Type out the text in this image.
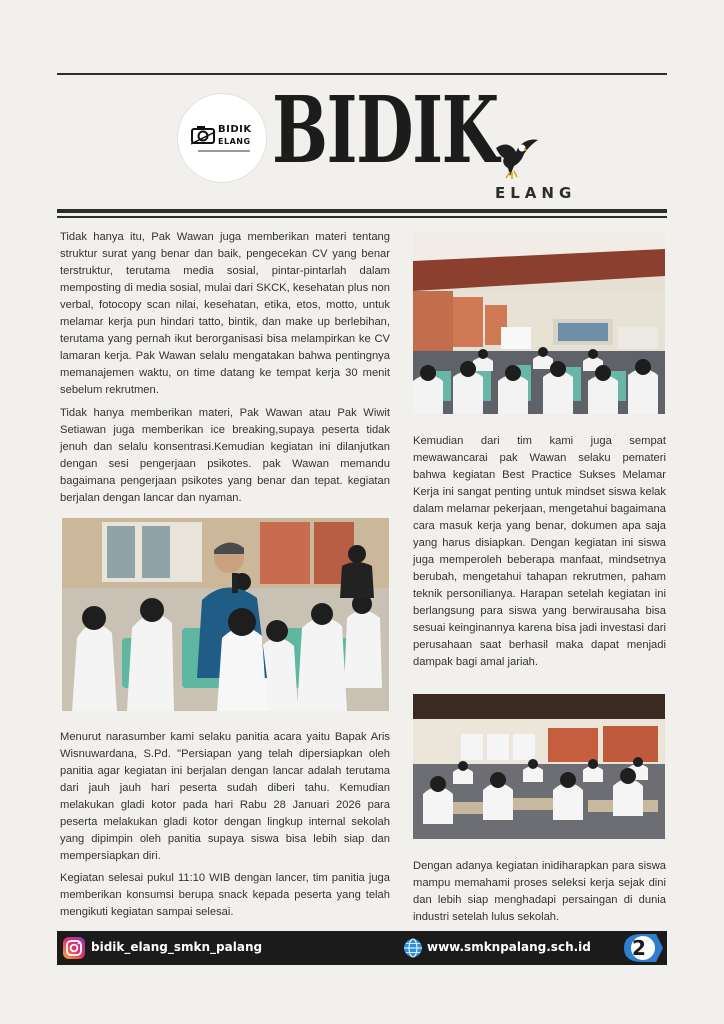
BIDIK
ELANG BIDIK
ELANG

Tidak hanya itu, Pak Wawan juga memberikan materi tentang struktur surat yang benar dan baik, pengecekan CV yang benar terstruktur, terutama media sosial, pintar-pintarlah dalam memposting di media sosial, mulai dari SKCK, kesehatan plus non verbal, fotocopy scan nilai, kesehatan, etika, etos, motto, untuk melamar kerja pun hindari tatto, bintik, dan make up berlebihan, terutama yang pernah ikut berorganisasi bisa melampirkan ke CV lamaran kerja. Pak Wawan selalu mengatakan bahwa pentingnya memanajemen waktu, on time datang ke tempat kerja 30 menit sebelum rekrutmen.

Tidak hanya memberikan materi, Pak Wawan atau Pak Wiwit Setiawan juga memberikan ice breaking,supaya peserta tidak jenuh dan selalu konsentrasi.Kemudian kegiatan ini dilanjutkan dengan sesi pengerjaan psikotes. pak Wawan memandu bagaimana pengerjaan psikotes yang benar dan tepat. kegiatan berjalan dengan lancar dan nyaman.

Menurut narasumber kami selaku panitia acara yaitu Bapak Aris Wisnuwardana, S.Pd. "Persiapan yang telah dipersiapkan oleh panitia agar kegiatan ini berjalan dengan lancar adalah terutama dari jauh jauh hari peserta sudah diberi tahu. Kemudian melakukan gladi kotor pada hari Rabu 28 Januari 2026 para peserta melakukan gladi kotor dengan lingkup internal sekolah yang dipimpin oleh panitia supaya siswa bisa lebih siap dan mempersiapkan diri.

Kegiatan selesai pukul 11:10 WIB dengan lancer, tim panitia juga memberikan konsumsi berupa snack kepada peserta yang telah mengikuti kegiatan sampai selesai.

Kemudian dari tim kami juga sempat mewawancarai pak Wawan selaku pemateri bahwa kegiatan Best Practice Sukses Melamar Kerja ini sangat penting untuk mindset siswa kelak dalam melamar pekerjaan, mengetahui bagaimana cara masuk kerja yang benar, dokumen apa saja yang harus disiapkan. Dengan kegiatan ini siswa juga memperoleh beberapa manfaat, mindsetnya berubah, mengetahui tahapan rekrutmen, paham teknik personilianya. Harapan setelah kegiatan ini berlangsung para siswa yang berwirausaha bisa sesuai keinginannya karena bisa jadi investasi dari perusahaan saat berhasil maka dapat menjadi dampak bagi amal jariah.

Dengan adanya kegiatan inidiharapkan para siswa mampu memahami proses seleksi kerja sejak dini dan lebih siap menghadapi persaingan di dunia industri setelah lulus sekolah.

bidik_elang_smkn_palang	www.smknpalang.sch.id 2
